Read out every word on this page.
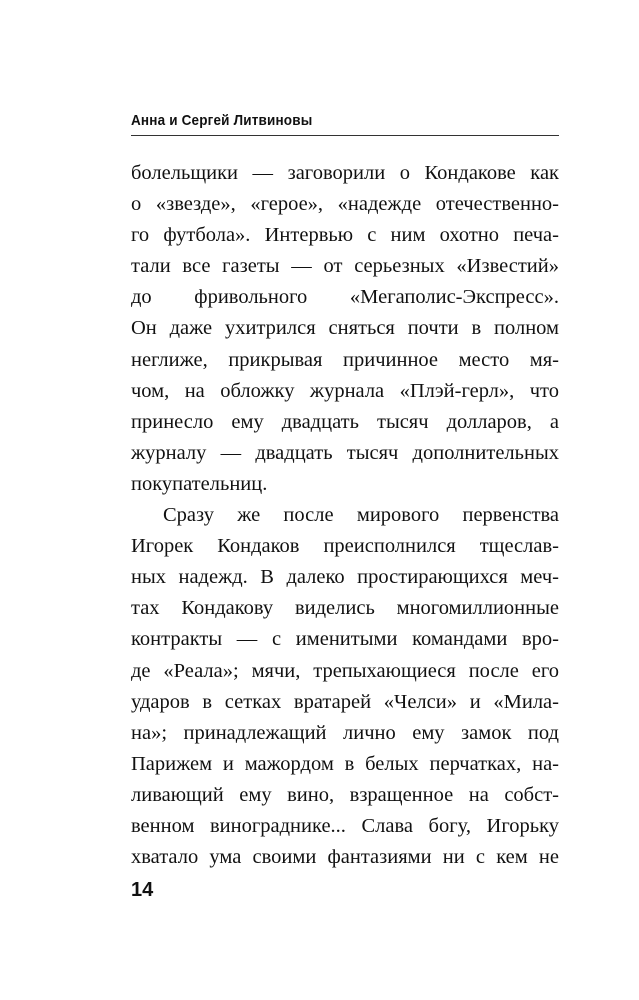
Анна и Сергей Литвиновы
болельщики — заговорили о Кондакове как
о «звезде», «герое», «надежде отечественно-
го футбола». Интервью с ним охотно печа-
тали все газеты — от серьезных «Известий»
до фривольного «Мегаполис-Экспресс».
Он даже ухитрился сняться почти в полном
неглиже, прикрывая причинное место мя-
чом, на обложку журнала «Плэй-герл», что
принесло ему двадцать тысяч долларов, а
журналу — двадцать тысяч дополнительных
покупательниц.
Сразу же после мирового первенства
Игорек Кондаков преисполнился тщеслав-
ных надежд. В далеко простирающихся меч-
тах Кондакову виделись многомиллионные
контракты — с именитыми командами вро-
де «Реала»; мячи, трепыхающиеся после его
ударов в сетках вратарей «Челси» и «Мила-
на»; принадлежащий лично ему замок под
Парижем и мажордом в белых перчатках, на-
ливающий ему вино, взращенное на собст-
венном винограднике... Слава богу, Игорьку
хватало ума своими фантазиями ни с кем не
14
